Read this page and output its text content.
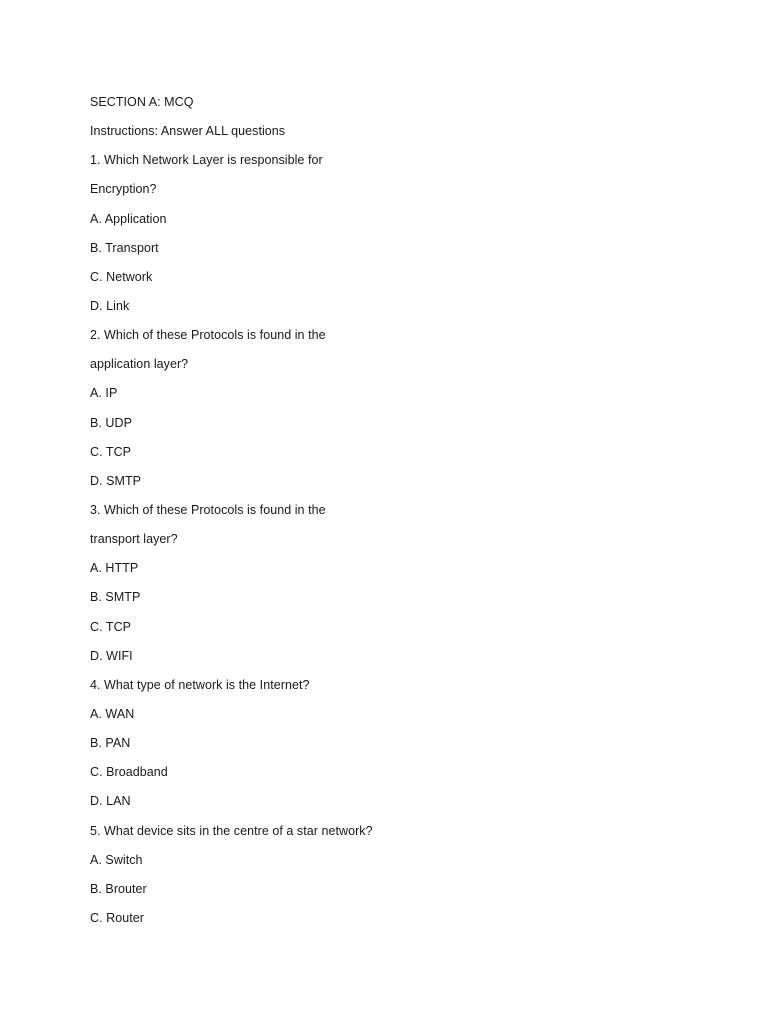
SECTION A: MCQ
Instructions: Answer ALL questions
1. Which Network Layer is responsible for
Encryption?
A. Application
B. Transport
C. Network
D. Link
2. Which of these Protocols is found in the
application layer?
A. IP
B. UDP
C. TCP
D. SMTP
3. Which of these Protocols is found in the
transport layer?
A. HTTP
B. SMTP
C. TCP
D. WIFI
4. What type of network is the Internet?
A. WAN
B. PAN
C. Broadband
D. LAN
5. What device sits in the centre of a star network?
A. Switch
B. Brouter
C. Router
